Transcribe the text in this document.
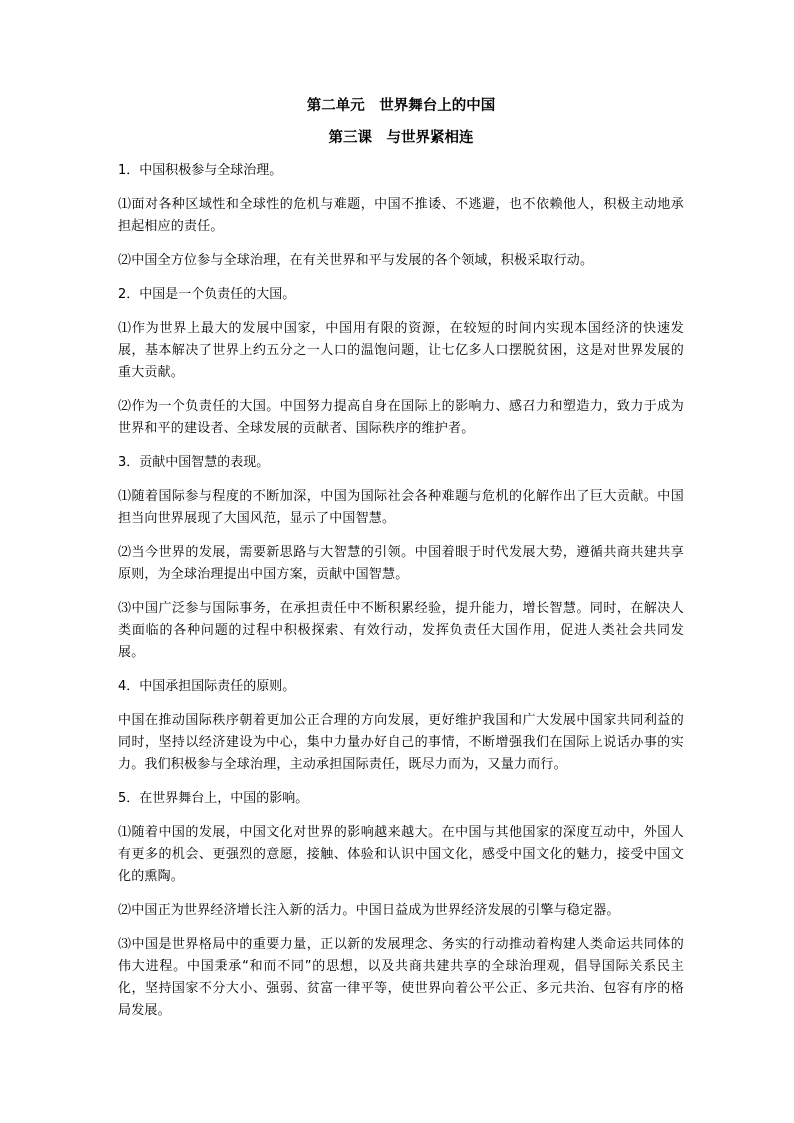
第二单元　世界舞台上的中国
第三课　与世界紧相连

1．中国积极参与全球治理。

⑴面对各种区域性和全球性的危机与难题，中国不推诿、不逃避，也不依赖他人，积极主动地承担起相应的责任。

⑵中国全方位参与全球治理，在有关世界和平与发展的各个领域，积极采取行动。

2．中国是一个负责任的大国。

⑴作为世界上最大的发展中国家，中国用有限的资源，在较短的时间内实现本国经济的快速发展，基本解决了世界上约五分之一人口的温饱问题，让七亿多人口摆脱贫困，这是对世界发展的重大贡献。

⑵作为一个负责任的大国。中国努力提高自身在国际上的影响力、感召力和塑造力，致力于成为世界和平的建设者、全球发展的贡献者、国际秩序的维护者。

3．贡献中国智慧的表现。

⑴随着国际参与程度的不断加深，中国为国际社会各种难题与危机的化解作出了巨大贡献。中国担当向世界展现了大国风范，显示了中国智慧。

⑵当今世界的发展，需要新思路与大智慧的引领。中国着眼于时代发展大势，遵循共商共建共享原则，为全球治理提出中国方案，贡献中国智慧。

⑶中国广泛参与国际事务，在承担责任中不断积累经验，提升能力，增长智慧。同时，在解决人类面临的各种问题的过程中积极探索、有效行动，发挥负责任大国作用，促进人类社会共同发展。

4．中国承担国际责任的原则。

中国在推动国际秩序朝着更加公正合理的方向发展，更好维护我国和广大发展中国家共同利益的同时，坚持以经济建设为中心，集中力量办好自己的事情，不断增强我们在国际上说话办事的实力。我们积极参与全球治理，主动承担国际责任，既尽力而为，又量力而行。

5．在世界舞台上，中国的影响。

⑴随着中国的发展，中国文化对世界的影响越来越大。在中国与其他国家的深度互动中，外国人有更多的机会、更强烈的意愿，接触、体验和认识中国文化，感受中国文化的魅力，接受中国文化的熏陶。

⑵中国正为世界经济增长注入新的活力。中国日益成为世界经济发展的引擎与稳定器。

⑶中国是世界格局中的重要力量，正以新的发展理念、务实的行动推动着构建人类命运共同体的伟大进程。中国秉承“和而不同”的思想，以及共商共建共享的全球治理观，倡导国际关系民主化，坚持国家不分大小、强弱、贫富一律平等，使世界向着公平公正、多元共治、包容有序的格局发展。
